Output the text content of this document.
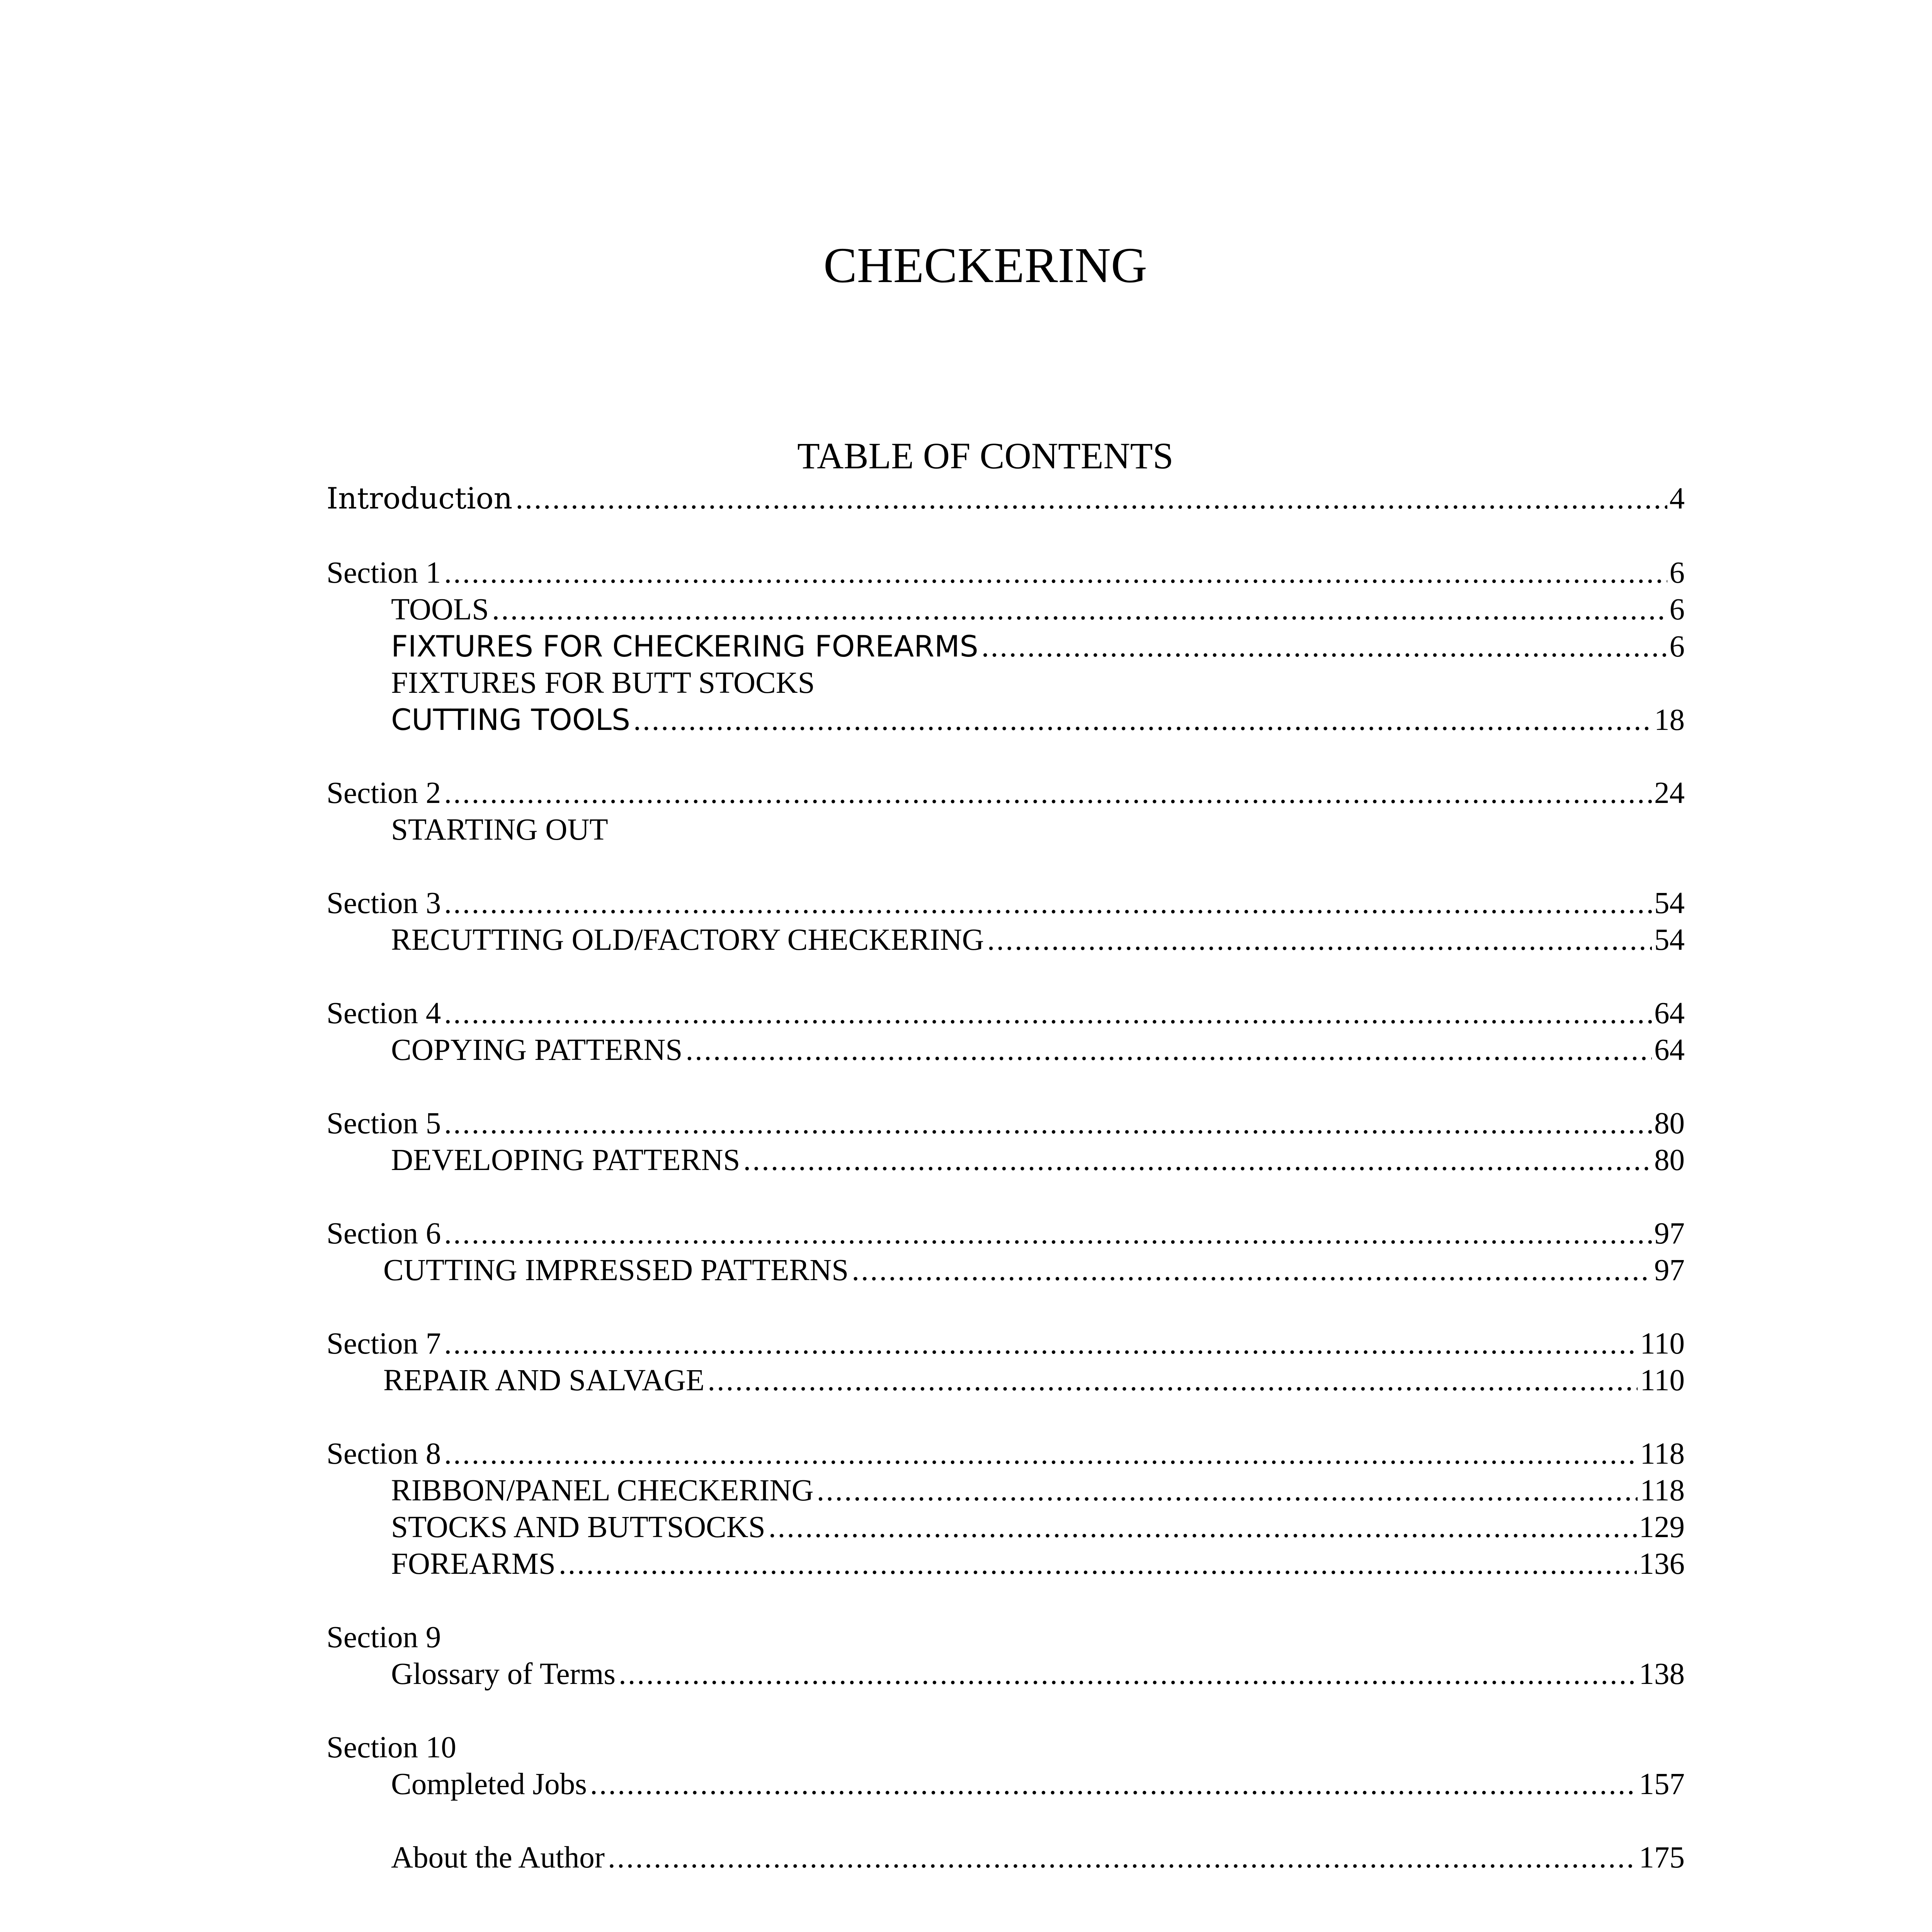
CHECKERING
TABLE OF CONTENTS
Introduction .....	4
Section 1 .....	6
TOOLS .....	6
FIXTURES FOR CHECKERING FOREARMS .....	6
FIXTURES FOR BUTT STOCKS
CUTTING TOOLS .....	18
Section 2 .....	24
STARTING OUT
Section 3 .....	54
RECUTTING OLD/FACTORY CHECKERING .....	54
Section 4 .....	64
COPYING PATTERNS .....	64
Section 5 .....	80
DEVELOPING PATTERNS .....	80
Section 6 .....	97
CUTTING IMPRESSED PATTERNS .....	97
Section 7 .....	110
REPAIR AND SALVAGE .....	110
Section 8 .....	118
RIBBON/PANEL CHECKERING .....	118
STOCKS AND BUTTSOCKS .....	129
FOREARMS .....	136
Section 9
Glossary of Terms .....	138
Section 10
Completed Jobs .....	157
About the Author .....	175
